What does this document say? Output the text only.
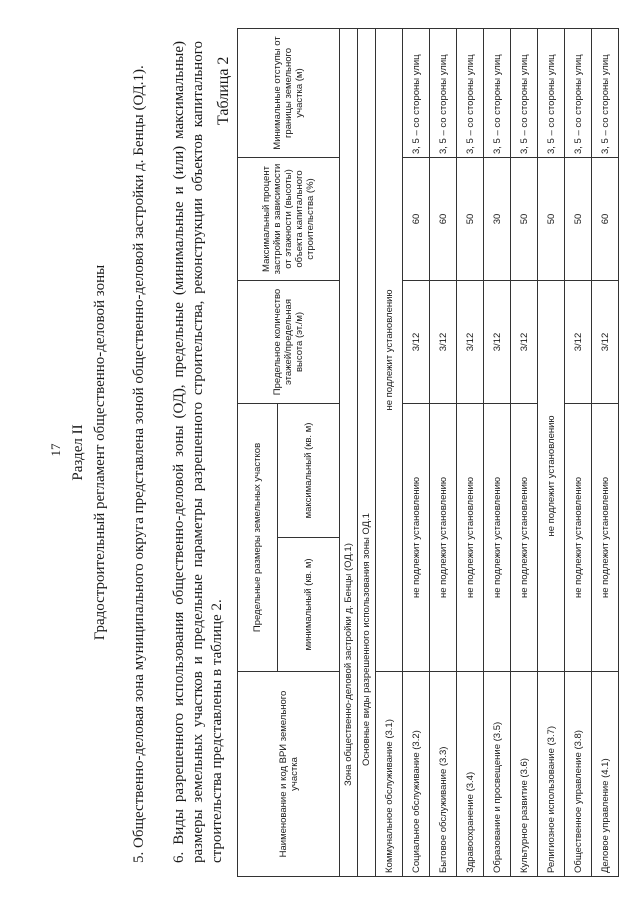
17 Раздел II Градостроительный регламент общественно-деловой зоны 5. Общественно-деловая зона муниципального округа представлена зоной общественно-деловой застройки д. Бенцы (ОД.1). 6. Виды разрешенного использования общественно-деловой зоны (ОД), предельные (минимальные и (или) максимальные) размеры земельных участков и предельные параметры разрешенного строительства, реконструкции объектов капитального строительства представлены в таблице 2.
Таблица 2
Наименование и код ВРИ земельного участка	Предельные размеры земельных участков		Предельное количество этажей/предельная высота (эт./м)	Максимальный процент застройки в зависимости от этажности (высоты) объекта капитального строительства (%)	Минимальные отступы от границы земельного участка (м)
	минимальный (кв. м)	максимальный (кв. м)			
Зона общественно-деловой застройки д. Бенцы (ОД.1)					
Основные виды разрешенного использования зоны ОД.1					
Коммунальное обслуживание (3.1)	не подлежит установлению				
Социальное обслуживание (3.2)	не подлежит установлению		3/12	60	3, 5 – со стороны улиц
Бытовое обслуживание (3.3)	не подлежит установлению		3/12	60	3, 5 – со стороны улиц
Здравоохранение (3.4)	не подлежит установлению		3/12	50	3, 5 – со стороны улиц
Образование и просвещение (3.5)	не подлежит установлению		3/12	30	3, 5 – со стороны улиц
Культурное развитие (3.6)	не подлежит установлению		3/12	50	3, 5 – со стороны улиц
Религиозное использование (3.7)	не подлежит установлению			50	3, 5 – со стороны улиц
Общественное управление (3.8)	не подлежит установлению		3/12	50	3, 5 – со стороны улиц
Деловое управление (4.1)	не подлежит установлению		3/12	60	3, 5 – со стороны улиц
